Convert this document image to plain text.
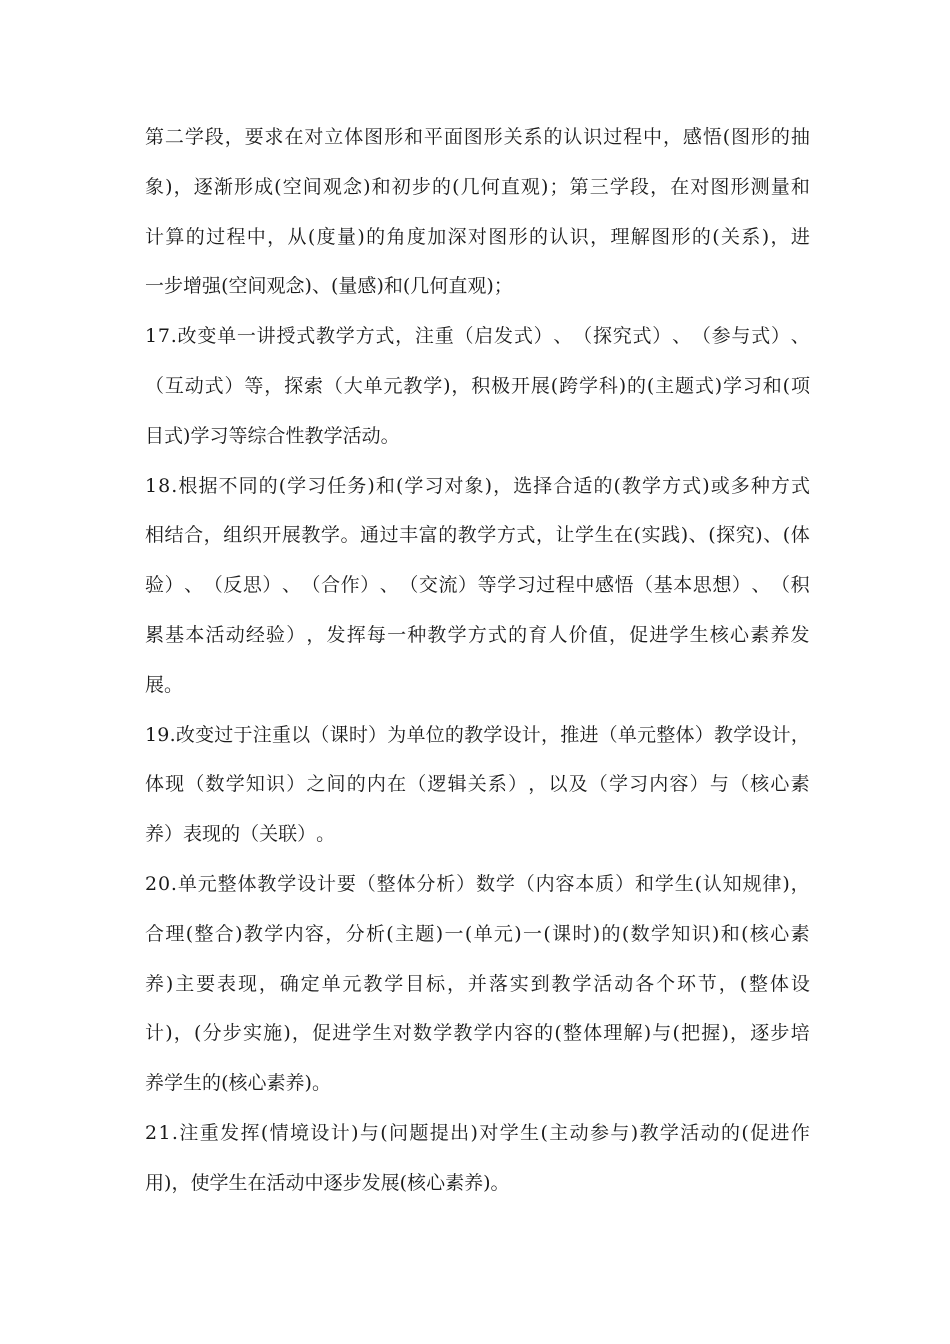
第 二 学 段 ， 要 求 在 对 立 体 图 形 和 平 面 图 形 关 系 的 认 识 过 程 中 ， 感 悟 ( 图 形 的 抽
象 ) ， 逐 渐 形 成 ( 空 间 观 念 ) 和 初 步 的 ( 几 何 直 观 ) ； 第 三 学 段 ， 在 对 图 形 测 量 和
计 算 的 过 程 中 ， 从 ( 度 量 ) 的 角 度 加 深 对 图 形 的 认 识 ， 理 解 图 形 的 ( 关 系 ) ， 进
一 步 增 强 ( 空 间 观 念 ) 、 ( 量 感 ) 和 ( 几 何 直 观 ) ；
1 7 . 改 变 单 一 讲 授 式 教 学 方 式 ， 注 重 （ 启 发 式 ） 、 （ 探 究 式 ） 、 （ 参 与 式 ） 、
（ 互 动 式 ） 等 ， 探 索 （ 大 单 元 教 学 ) ， 积 极 开 展 ( 跨 学 科 ) 的 ( 主 题 式 ) 学 习 和 ( 项
目 式 ) 学 习 等 综 合 性 教 学 活 动 。
1 8 . 根 据 不 同 的 ( 学 习 任 务 ) 和 ( 学 习 对 象 ) ， 选 择 合 适 的 ( 教 学 方 式 ) 或 多 种 方 式
相 结 合 ， 组 织 开 展 教 学 。 通 过 丰 富 的 教 学 方 式 ， 让 学 生 在 ( 实 践 ) 、 ( 探 究 ) 、 ( 体
验 ） 、 （ 反 思 ） 、 （ 合 作 ） 、 （ 交 流 ） 等 学 习 过 程 中 感 悟 （ 基 本 思 想 ） 、 （ 积
累 基 本 活 动 经 验 ） ， 发 挥 每 一 种 教 学 方 式 的 育 人 价 值 ， 促 进 学 生 核 心 素 养 发
展 。
1 9 . 改 变 过 于 注 重 以 （ 课 时 ） 为 单 位 的 教 学 设 计 ， 推 进 （ 单 元 整 体 ） 教 学 设 计 ，
体 现 （ 数 学 知 识 ） 之 间 的 内 在 （ 逻 辑 关 系 ） ， 以 及 （ 学 习 内 容 ） 与 （ 核 心 素
养 ） 表 现 的 （ 关 联 ） 。
2 0 . 单 元 整 体 教 学 设 计 要 （ 整 体 分 析 ） 数 学 （ 内 容 本 质 ） 和 学 生 ( 认 知 规 律 ) ，
合 理 ( 整 合 ) 教 学 内 容 ， 分 析 ( 主 题 ) 一 ( 单 元 ) 一 ( 课 时 ) 的 ( 数 学 知 识 ) 和 ( 核 心 素
养 ) 主 要 表 现 ， 确 定 单 元 教 学 目 标 ， 并 落 实 到 教 学 活 动 各 个 环 节 ， ( 整 体 设
计 ) ， ( 分 步 实 施 ) ， 促 进 学 生 对 数 学 教 学 内 容 的 ( 整 体 理 解 ) 与 ( 把 握 ) ， 逐 步 培
养 学 生 的 ( 核 心 素 养 ) 。
2 1 . 注 重 发 挥 ( 情 境 设 计 ) 与 ( 问 题 提 出 ) 对 学 生 ( 主 动 参 与 ) 教 学 活 动 的 ( 促 进 作
用 ) ， 使 学 生 在 活 动 中 逐 步 发 展 ( 核 心 素 养 ) 。
